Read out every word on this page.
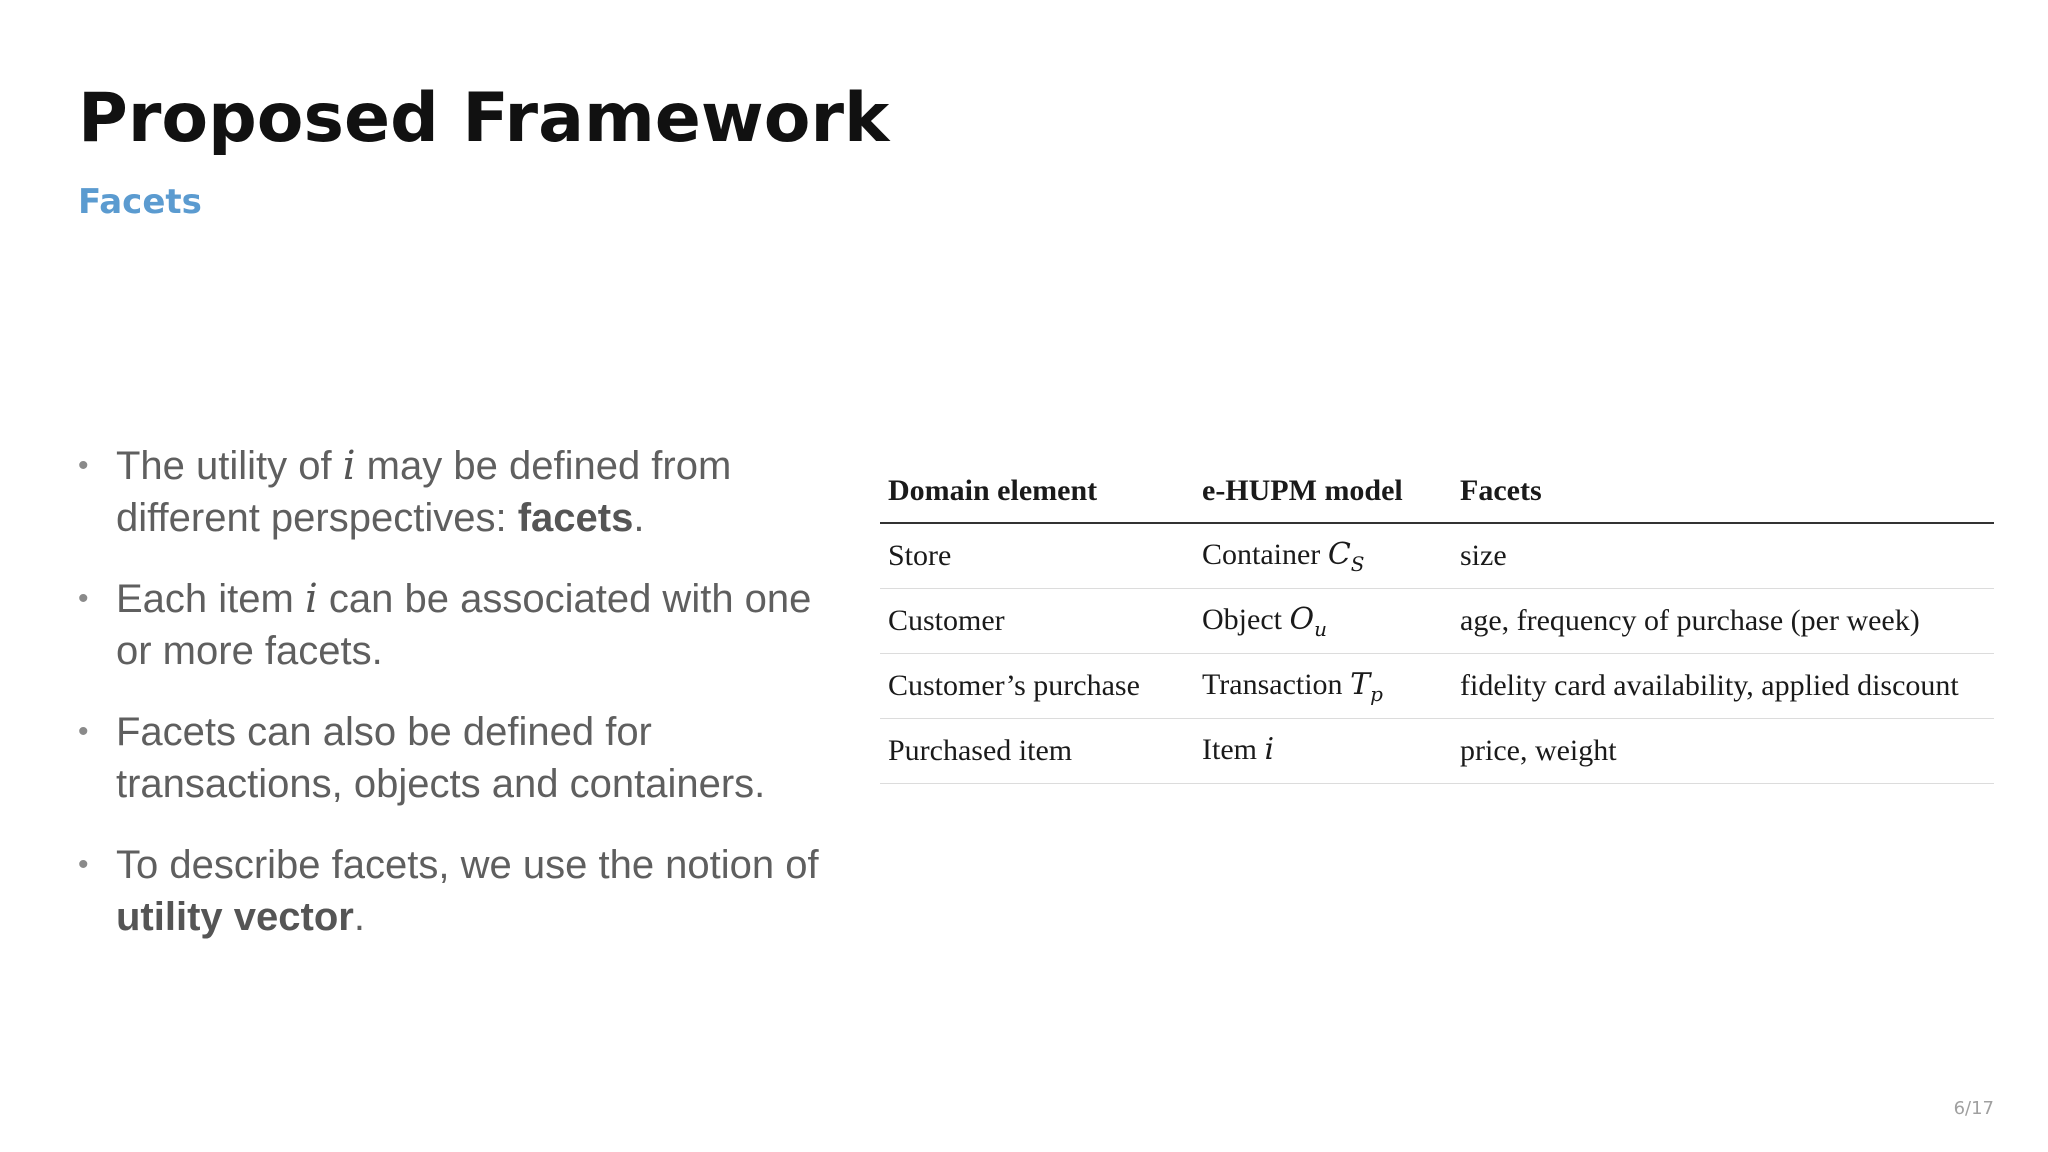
Proposed Framework
Facets
• The utility of i may be defined from different perspectives: facets.
• Each item i can be associated with one or more facets.
• Facets can also be defined for transactions, objects and containers.
• To describe facets, we use the notion of utility vector.
Domain element	e-HUPM model	Facets
Store	Container $C_S$	size
Customer	Object $O_u$	age, frequency of purchase (per week)
Customer’s purchase	Transaction $T_p$	fidelity card availability, applied discount
Purchased item	Item i	price, weight
6/17
